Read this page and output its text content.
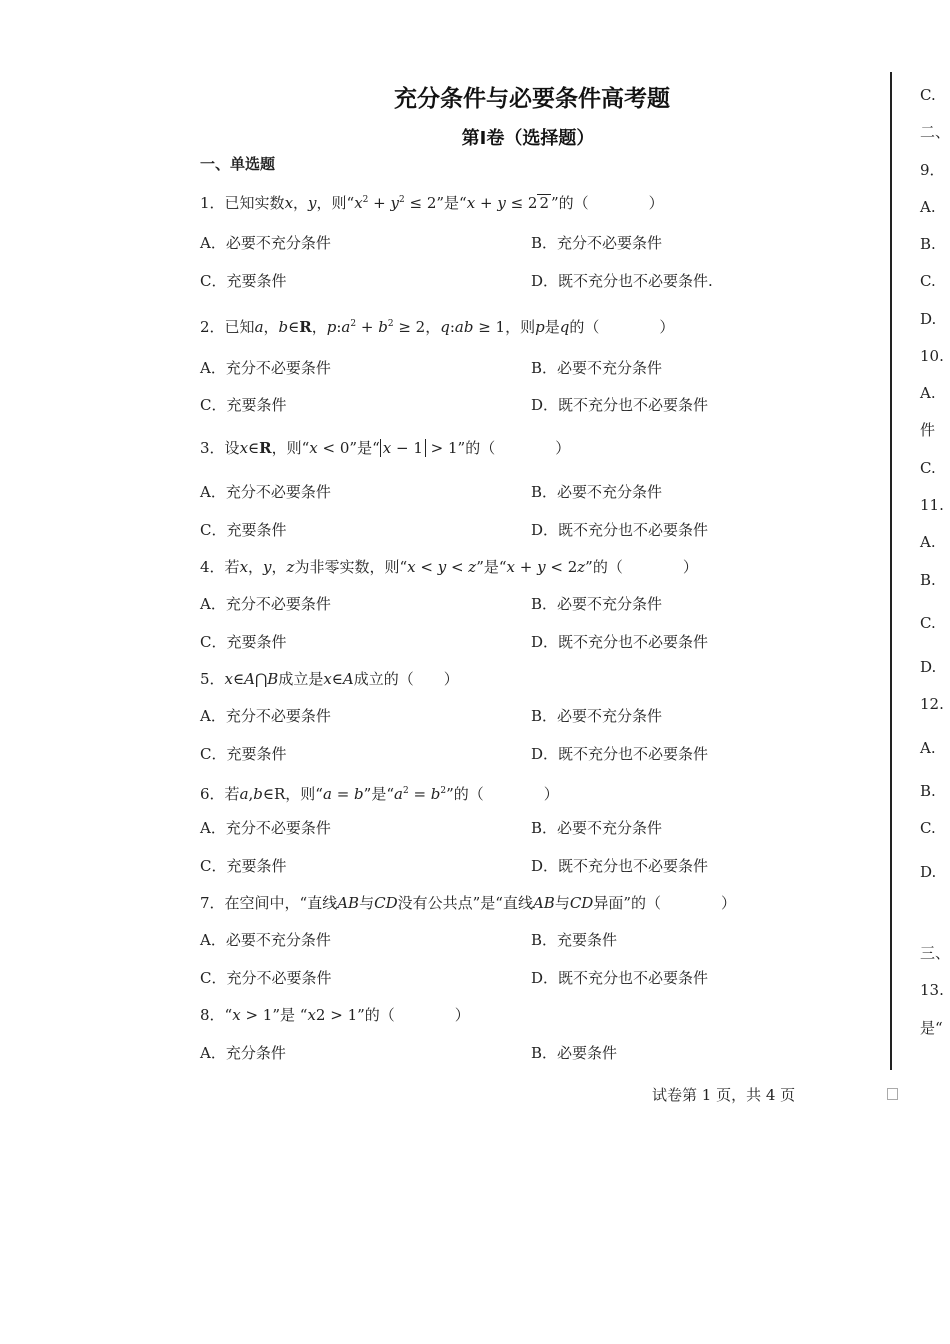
充分条件与必要条件高考题
第Ⅰ卷（选择题）
一、单选题
1．已知实数x，y，则“$x^2 + y^2 \le 2$”是“x + y ≤ 2 2 ”的（　　　　）
A．必要不充分条件	B．充分不必要条件
C．充要条件	D．既不充分也不必要条件.
2．已知a，b∈R，$p:a^2 + b^2 \ge 2$，q:ab ≥ 1，则p是q的（　　　　）
A．充分不必要条件	B．必要不充分条件
C．充要条件	D．既不充分也不必要条件
3．设x∈R，则“x < 0”是“ x − 1 > 1”的（　　　　）
A．充分不必要条件	B．必要不充分条件
C．充要条件	D．既不充分也不必要条件
4．若x，y，z为非零实数，则“x < y < z”是“x + y < 2z”的（　　　　）
A．充分不必要条件	B．必要不充分条件
C．充要条件	D．既不充分也不必要条件
5．x∈A⋂B成立是x∈A成立的（　　）
A．充分不必要条件	B．必要不充分条件
C．充要条件	D．既不充分也不必要条件
6．若a,b∈R，则“a = b”是“$a^2 = b^2$”的（　　　　）
A．充分不必要条件	B．必要不充分条件
C．充要条件	D．既不充分也不必要条件
7．在空间中，“直线AB与CD没有公共点”是“直线AB与CD异面”的（　　　　）
A．必要不充分条件	B．充要条件
C．充分不必要条件	D．既不充分也不必要条件
8．“x > 1”是 “x2 > 1”的（　　　　）
A．充分条件	B．必要条件
C.
二、
9．
A.
B.
C.
D.
10.
A.
件
C.
11.
A.
B.
C.
D.
12.
A.
B.
C.
D.
三、
13.
是“
试卷第 1 页，共 4 页
